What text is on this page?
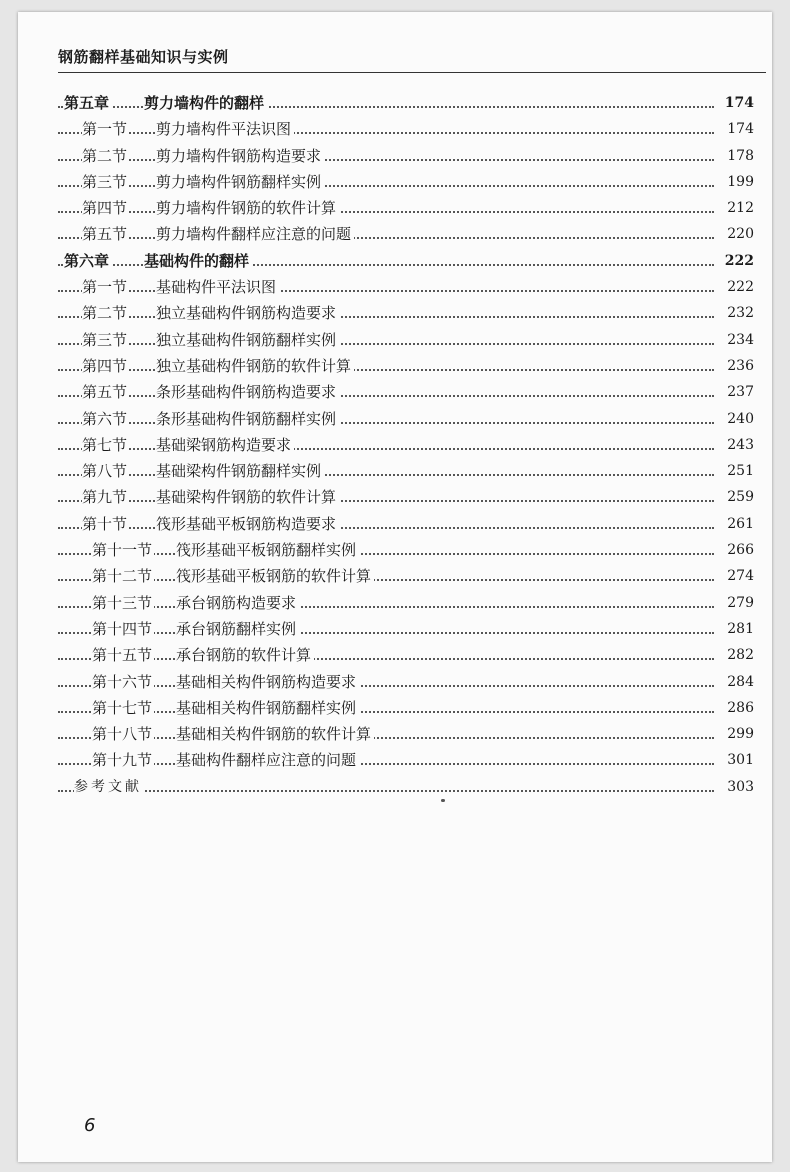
钢筋翻样基础知识与实例
第五章 剪力墙构件的翻样	174
第一节 剪力墙构件平法识图	174
第二节 剪力墙构件钢筋构造要求	178
第三节 剪力墙构件钢筋翻样实例	199
第四节 剪力墙构件钢筋的软件计算	212
第五节 剪力墙构件翻样应注意的问题	220
第六章 基础构件的翻样	222
第一节 基础构件平法识图	222
第二节 独立基础构件钢筋构造要求	232
第三节 独立基础构件钢筋翻样实例	234
第四节 独立基础构件钢筋的软件计算	236
第五节 条形基础构件钢筋构造要求	237
第六节 条形基础构件钢筋翻样实例	240
第七节 基础梁钢筋构造要求	243
第八节 基础梁构件钢筋翻样实例	251
第九节 基础梁构件钢筋的软件计算	259
第十节 筏形基础平板钢筋构造要求	261
第十一节 筏形基础平板钢筋翻样实例	266
第十二节 筏形基础平板钢筋的软件计算	274
第十三节 承台钢筋构造要求	279
第十四节 承台钢筋翻样实例	281
第十五节 承台钢筋的软件计算	282
第十六节 基础相关构件钢筋构造要求	284
第十七节 基础相关构件钢筋翻样实例	286
第十八节 基础相关构件钢筋的软件计算	299
第十九节 基础构件翻样应注意的问题	301
参考文献	303
6
